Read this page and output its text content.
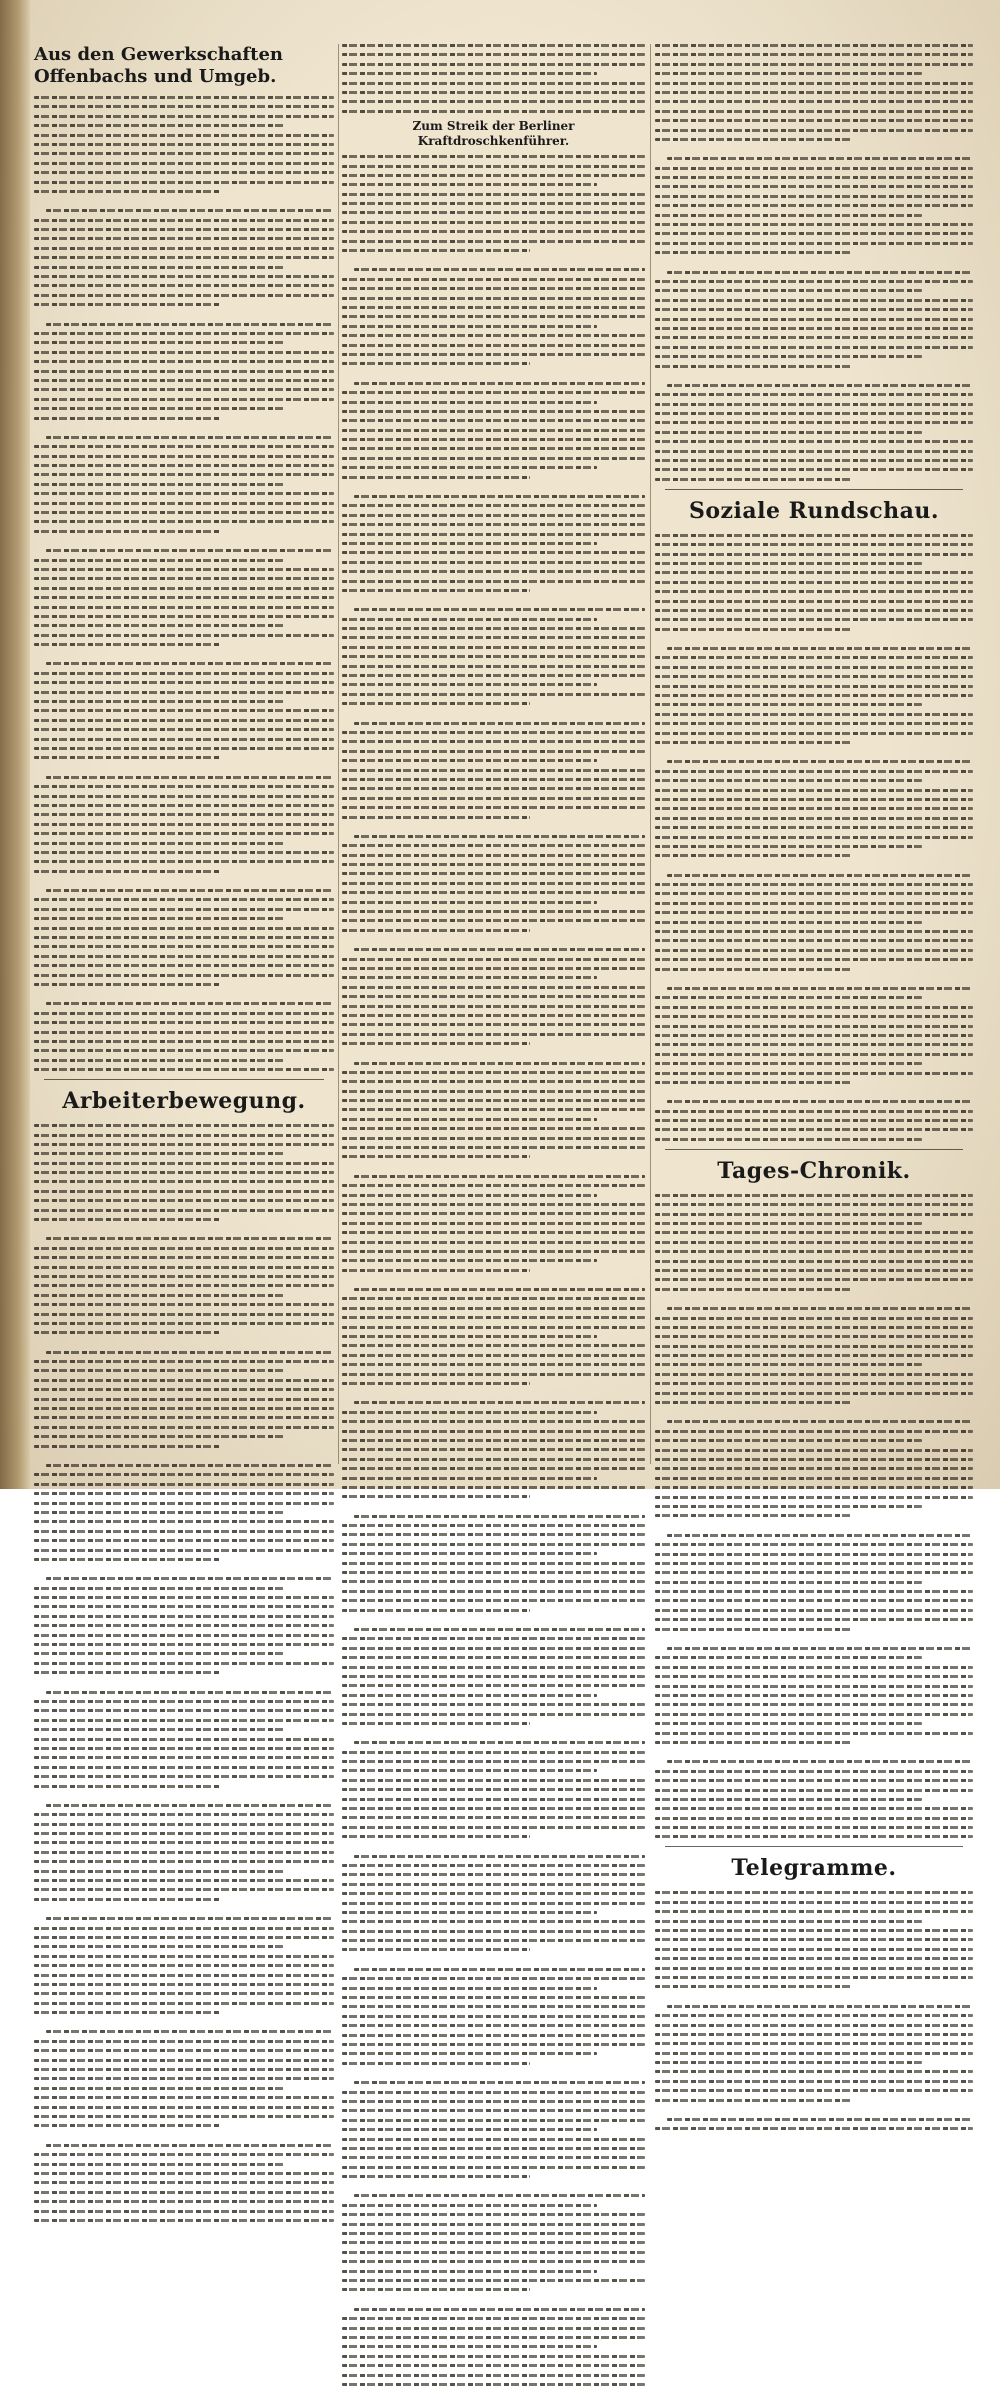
Aus den Gewerkschaften Offenbachs und Umgeb.
Arbeiterbewegung.
Zum Streik der Berliner Kraftdroschkenführer.
Soziale Rundschau.
Tages-Chronik.
Telegramme.
